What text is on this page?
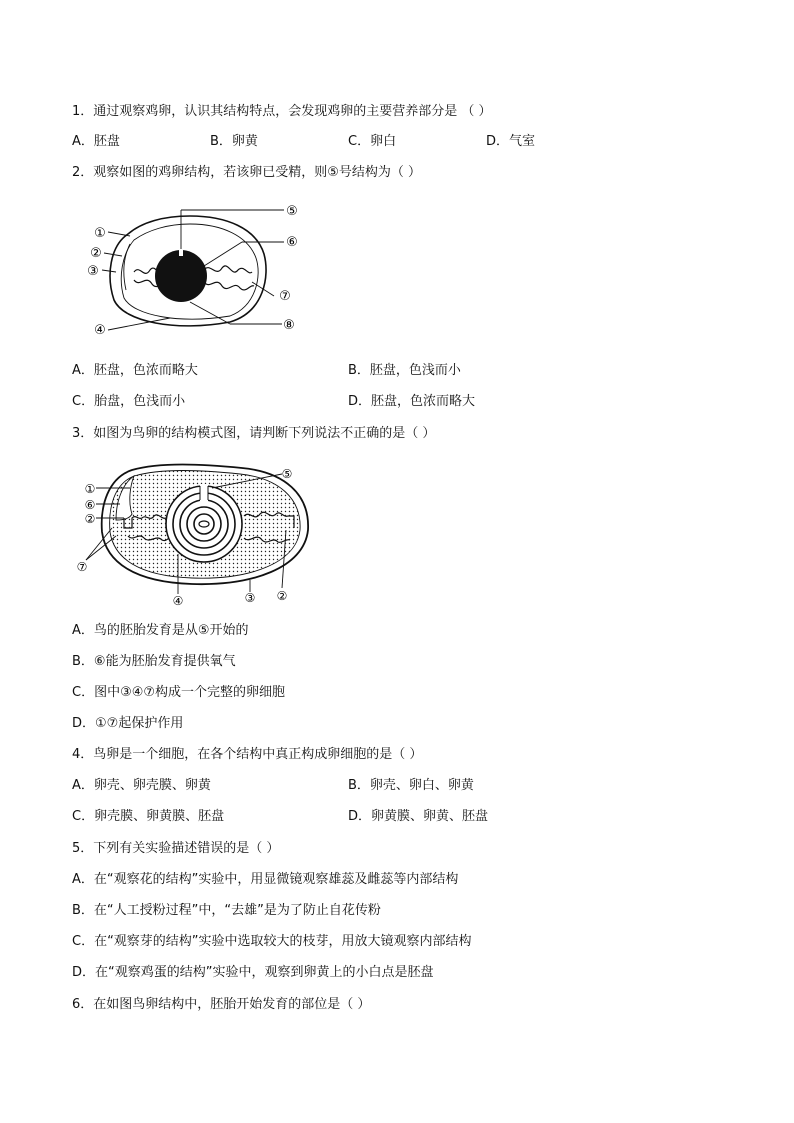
1．通过观察鸡卵，认识其结构特点，会发现鸡卵的主要营养部分是 （ ）
A．胚盘	B．卵黄	C．卵白	D．气室
2．观察如图的鸡卵结构，若该卵已受精，则⑤号结构为（ ）
①
②
③
④
⑤
⑥
⑦
⑧
A．胚盘，色浓而略大	B．胚盘，色浅而小
C．胎盘，色浅而小	D．胚盘，色浓而略大
3．如图为鸟卵的结构模式图，请判断下列说法不正确的是（ ）
①
⑥
②
⑦
⑤
④	③ ②
A．鸟的胚胎发育是从⑤开始的
B．⑥能为胚胎发育提供氧气
C．图中③④⑦构成一个完整的卵细胞
D．①⑦起保护作用
4．鸟卵是一个细胞，在各个结构中真正构成卵细胞的是（ ）
A．卵壳、卵壳膜、卵黄	B．卵壳、卵白、卵黄
C．卵壳膜、卵黄膜、胚盘	D．卵黄膜、卵黄、胚盘
5．下列有关实验描述错误的是（ ）
A．在“观察花的结构”实验中，用显微镜观察雄蕊及雌蕊等内部结构
B．在“人工授粉过程”中，“去雄”是为了防止自花传粉
C．在“观察芽的结构”实验中选取较大的枝芽，用放大镜观察内部结构
D．在“观察鸡蛋的结构”实验中，观察到卵黄上的小白点是胚盘
6．在如图鸟卵结构中，胚胎开始发育的部位是（ ）
